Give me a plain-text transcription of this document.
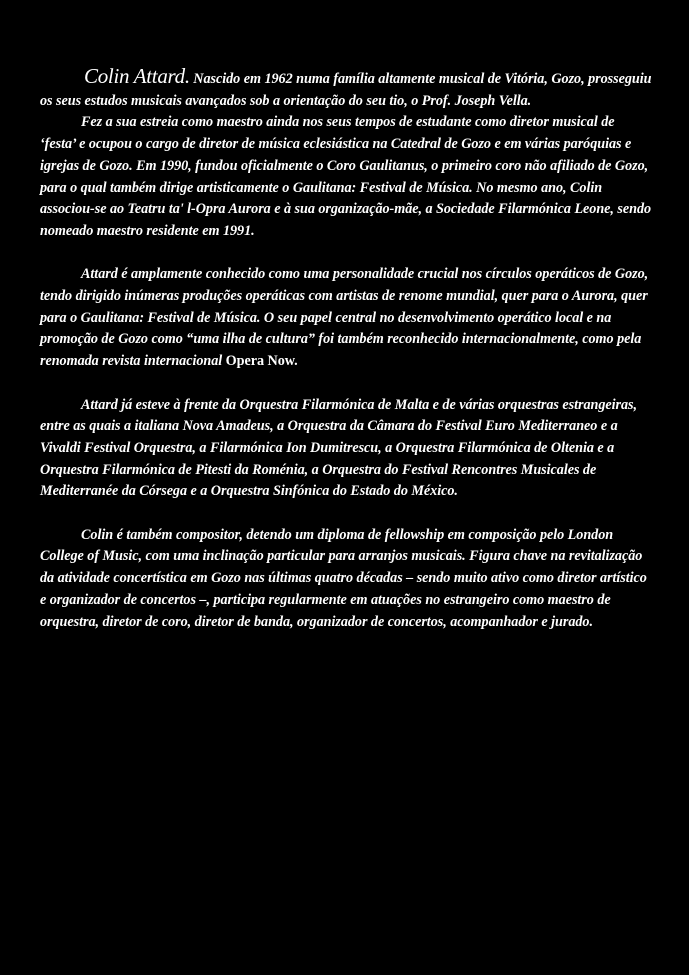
Colin Attard. Nascido em 1962 numa família altamente musical de Vitória, Gozo, prosseguiu os seus estudos musicais avançados sob a orientação do seu tio, o Prof. Joseph Vella.

Fez a sua estreia como maestro ainda nos seus tempos de estudante como diretor musical de ‘festa’ e ocupou o cargo de diretor de música eclesiástica na Catedral de Gozo e em várias paróquias e igrejas de Gozo. Em 1990, fundou oficialmente o Coro Gaulitanus, o primeiro coro não afiliado de Gozo, para o qual também dirige artisticamente o Gaulitana: Festival de Música. No mesmo ano, Colin associou-se ao Teatru ta' l-Opra Aurora e à sua organização-mãe, a Sociedade Filarmónica Leone, sendo nomeado maestro residente em 1991.

Attard é amplamente conhecido como uma personalidade crucial nos círculos operáticos de Gozo, tendo dirigido inúmeras produções operáticas com artistas de renome mundial, quer para o Aurora, quer para o Gaulitana: Festival de Música. O seu papel central no desenvolvimento operático local e na promoção de Gozo como “uma ilha de cultura” foi também reconhecido internacionalmente, como pela renomada revista internacional Opera Now.

Attard já esteve à frente da Orquestra Filarmónica de Malta e de várias orquestras estrangeiras, entre as quais a italiana Nova Amadeus, a Orquestra da Câmara do Festival Euro Mediterraneo e a Vivaldi Festival Orquestra, a Filarmónica Ion Dumitrescu, a Orquestra Filarmónica de Oltenia e a Orquestra Filarmónica de Pitesti da Roménia, a Orquestra do Festival Rencontres Musicales de Mediterranée da Córsega e a Orquestra Sinfónica do Estado do México.

Colin é também compositor, detendo um diploma de fellowship em composição pelo London College of Music, com uma inclinação particular para arranjos musicais. Figura chave na revitalização da atividade concertística em Gozo nas últimas quatro décadas – sendo muito ativo como diretor artístico e organizador de concertos –, participa regularmente em atuações no estrangeiro como maestro de orquestra, diretor de coro, diretor de banda, organizador de concertos, acompanhador e jurado.
